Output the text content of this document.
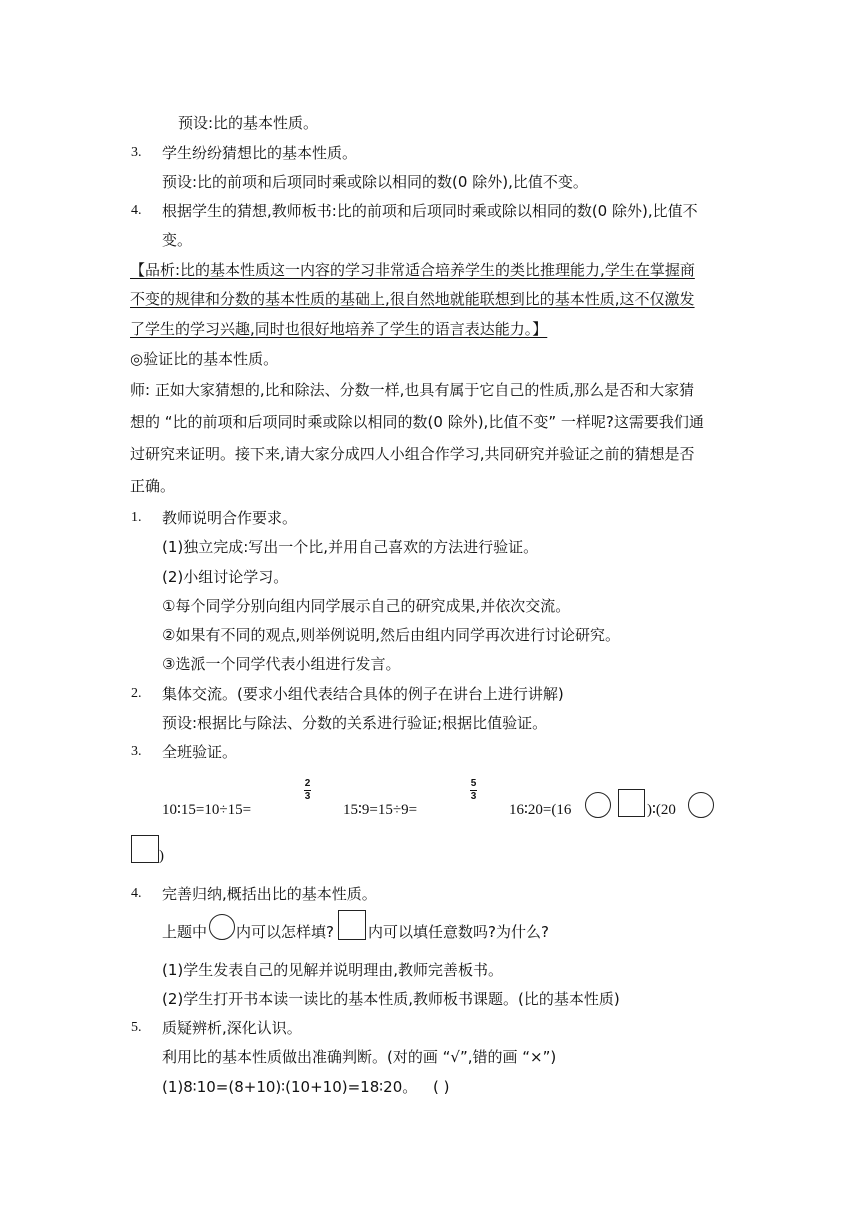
预设:比的基本性质。
3. 学生纷纷猜想比的基本性质。
预设:比的前项和后项同时乘或除以相同的数(0 除外),比值不变。
4. 根据学生的猜想,教师板书:比的前项和后项同时乘或除以相同的数(0 除外),比值不
变。
【品析:比的基本性质这一内容的学习非常适合培养学生的类比推理能力,学生在掌握商
不变的规律和分数的基本性质的基础上,很自然地就能联想到比的基本性质,这不仅激发
了学生的学习兴趣,同时也很好地培养了学生的语言表达能力。】
◎验证比的基本性质。
师: 正如大家猜想的,比和除法、分数一样,也具有属于它自己的性质,那么是否和大家猜
想的 “比的前项和后项同时乘或除以相同的数(0 除外),比值不变” 一样呢?这需要我们通
过研究来证明。接下来,请大家分成四人小组合作学习,共同研究并验证之前的猜想是否
正确。
1. 教师说明合作要求。
(1)独立完成:写出一个比,并用自己喜欢的方法进行验证。
(2)小组讨论学习。
①每个同学分别向组内同学展示自己的研究成果,并依次交流。
②如果有不同的观点,则举例说明,然后由组内同学再次进行讨论研究。
③选派一个同学代表小组进行发言。
2. 集体交流。(要求小组代表结合具体的例子在讲台上进行讲解)
预设:根据比与除法、分数的关系进行验证;根据比值验证。
3. 全班验证。
10∶15=10÷15=
2
3
15∶9=15÷9=
5
3
16∶20=(16	)∶(20
)
4. 完善归纳,概括出比的基本性质。
上题中 内可以怎样填? 内可以填任意数吗?为什么?
(1)学生发表自己的见解并说明理由,教师完善板书。
(2)学生打开书本读一读比的基本性质,教师板书课题。(比的基本性质)
5. 质疑辨析,深化认识。
利用比的基本性质做出准确判断。(对的画 “√”,错的画 “×”)
(1)8∶10=(8+10)∶(10+10)=18∶20。 ( )
